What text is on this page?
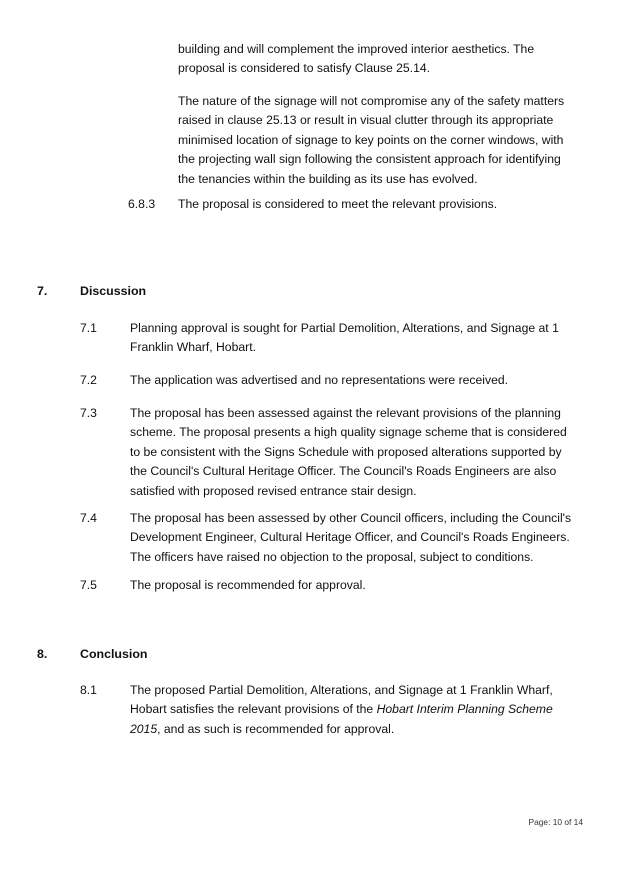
building and will complement the improved interior aesthetics. The proposal is considered to satisfy Clause 25.14.

The nature of the signage will not compromise any of the safety matters raised in clause 25.13 or result in visual clutter through its appropriate minimised location of signage to key points on the corner windows, with the projecting wall sign following the consistent approach for identifying the tenancies within the building as its use has evolved.

6.8.3 The proposal is considered to meet the relevant provisions.
7.	Discussion
7.1	Planning approval is sought for Partial Demolition, Alterations, and Signage at 1 Franklin Wharf, Hobart.
7.2	The application was advertised and no representations were received.
7.3	The proposal has been assessed against the relevant provisions of the planning scheme. The proposal presents a high quality signage scheme that is considered to be consistent with the Signs Schedule with proposed alterations supported by the Council's Cultural Heritage Officer. The Council's Roads Engineers are also satisfied with proposed revised entrance stair design.
7.4	The proposal has been assessed by other Council officers, including the Council's Development Engineer, Cultural Heritage Officer, and Council's Roads Engineers. The officers have raised no objection to the proposal, subject to conditions.
7.5	The proposal is recommended for approval.
8.	Conclusion
8.1	The proposed Partial Demolition, Alterations, and Signage at 1 Franklin Wharf, Hobart satisfies the relevant provisions of the Hobart Interim Planning Scheme 2015, and as such is recommended for approval.
Page: 10 of 14
